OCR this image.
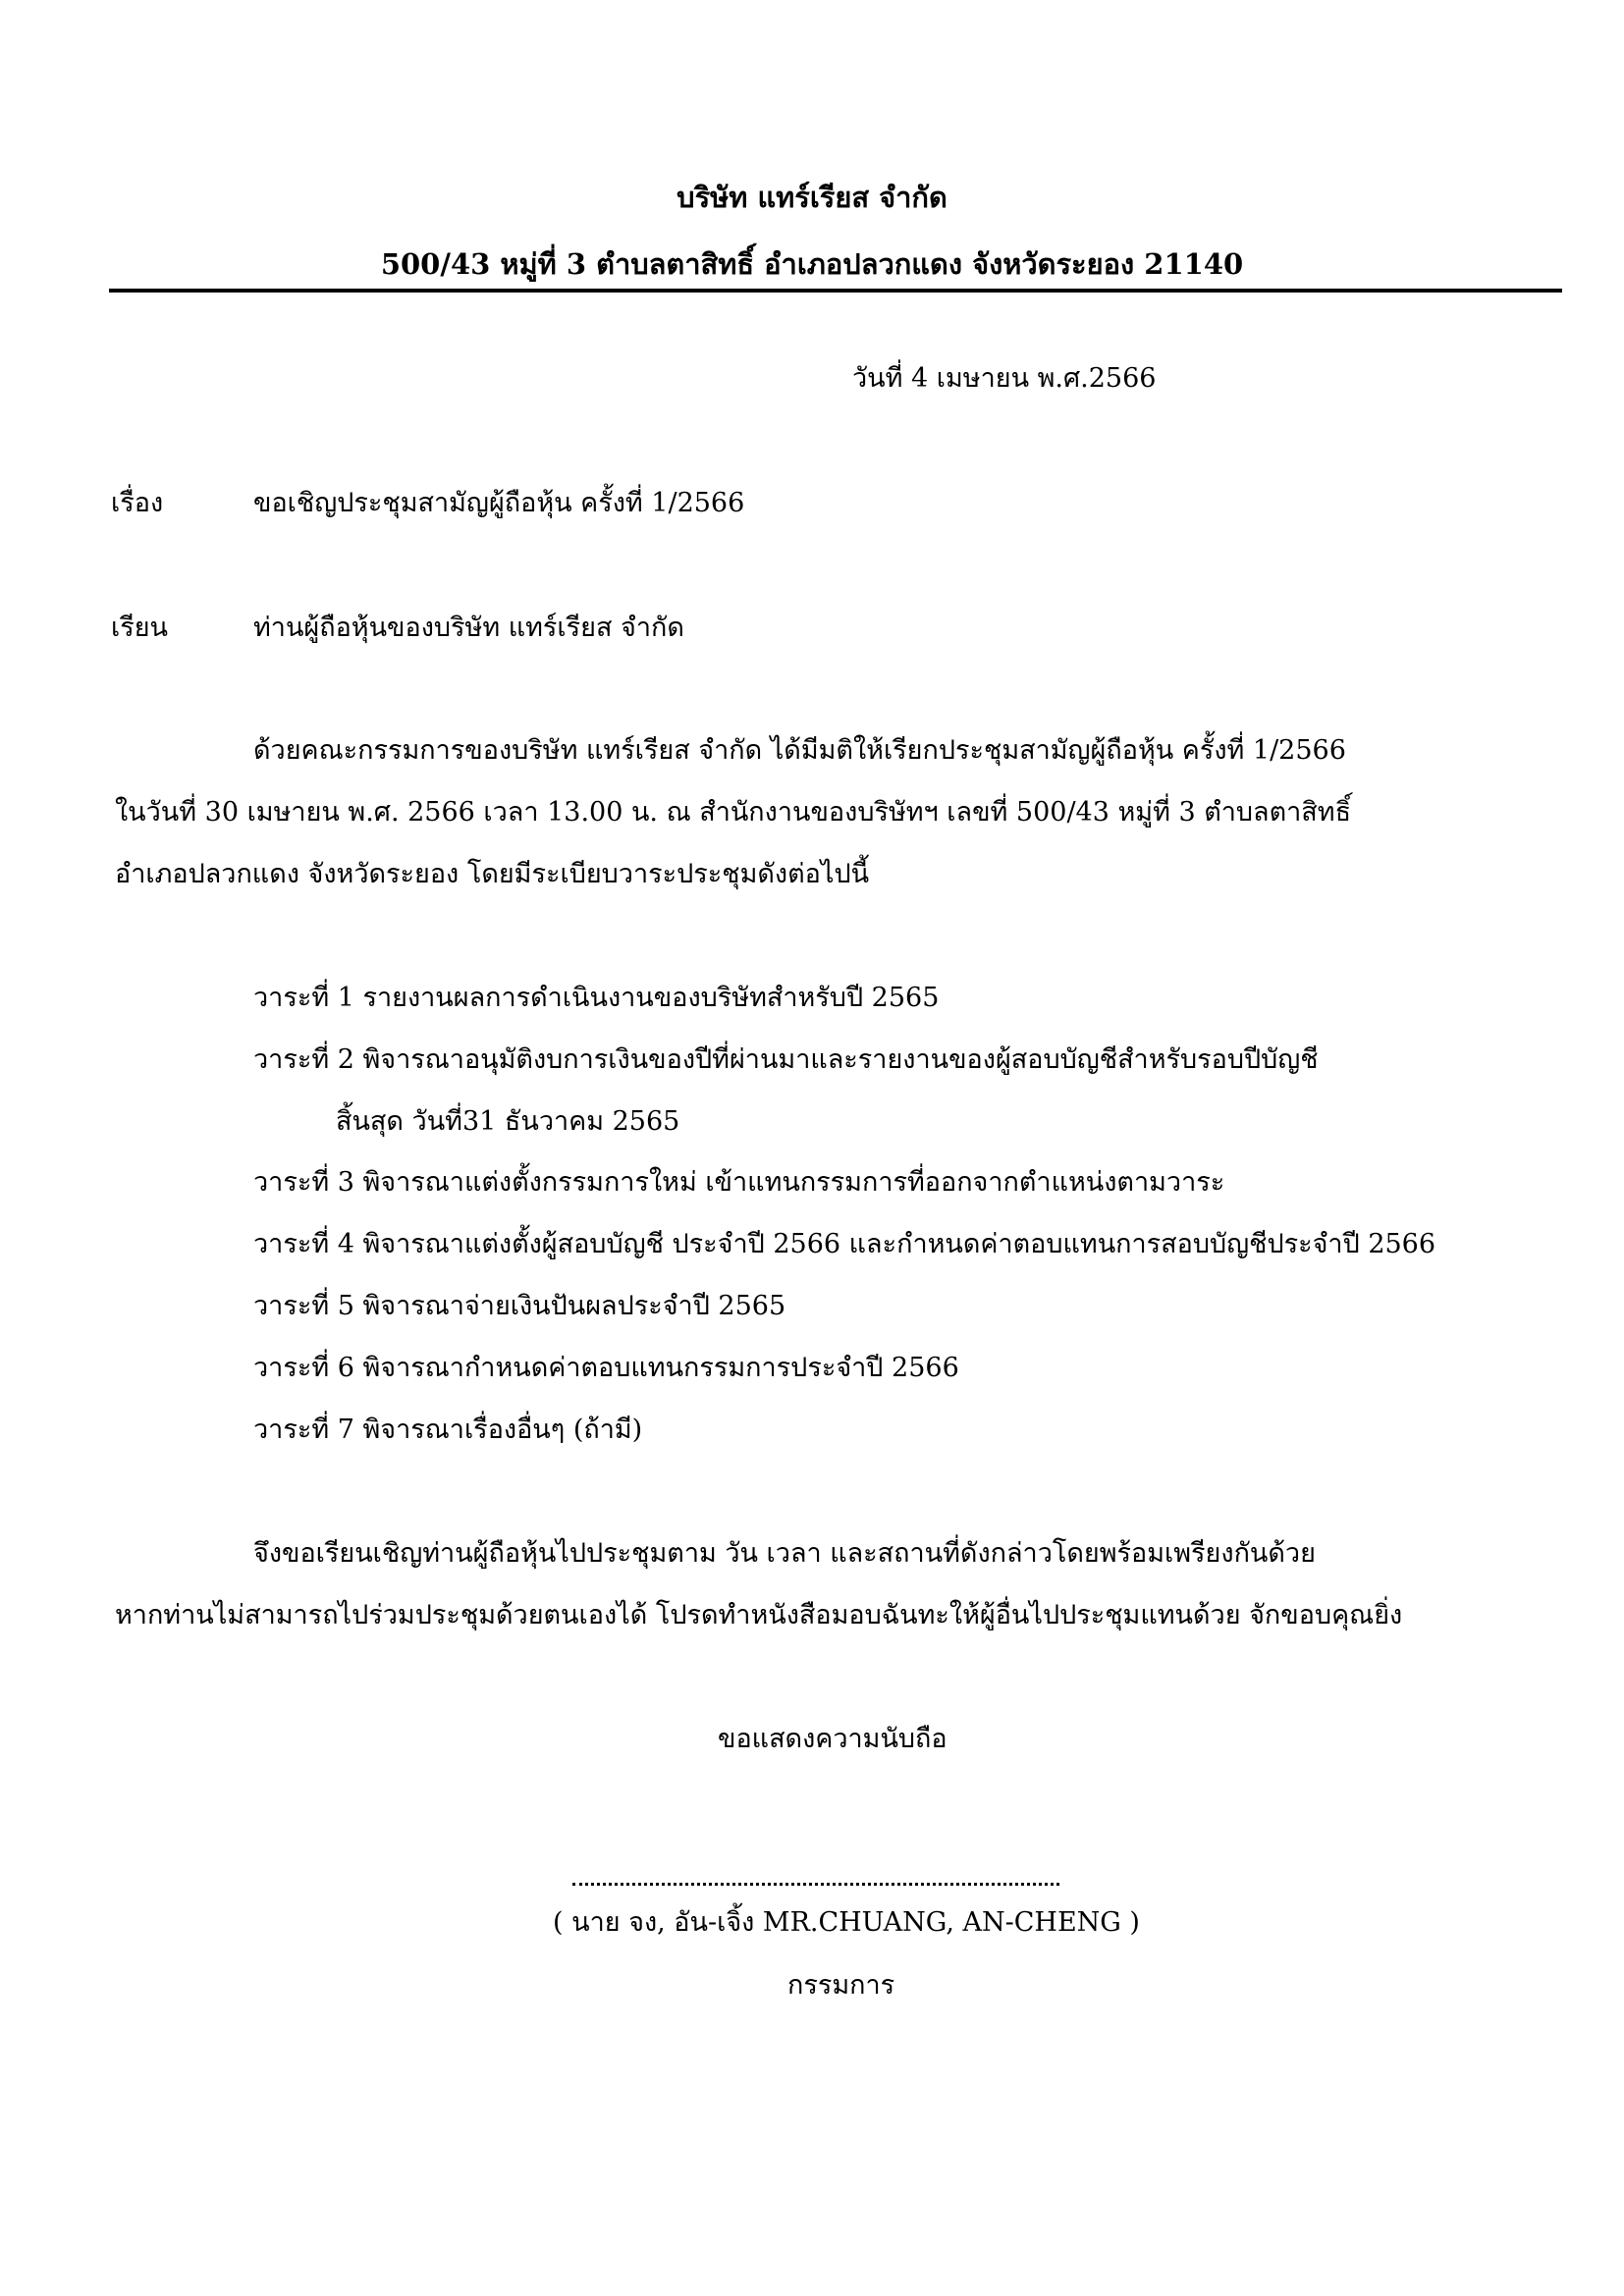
บริษัท แทร์เรียส จำกัด
500/43 หมู่ที่ 3 ตำบลตาสิทธิ์ อำเภอปลวกแดง จังหวัดระยอง 21140
วันที่ 4 เมษายน พ.ศ.2566
เรื่อง	ขอเชิญประชุมสามัญผู้ถือหุ้น ครั้งที่ 1/2566
เรียน	ท่านผู้ถือหุ้นของบริษัท แทร์เรียส จำกัด
ด้วยคณะกรรมการของบริษัท แทร์เรียส จำกัด ได้มีมติให้เรียกประชุมสามัญผู้ถือหุ้น ครั้งที่ 1/2566
ในวันที่ 30 เมษายน พ.ศ. 2566 เวลา 13.00 น. ณ สำนักงานของบริษัทฯ เลขที่ 500/43 หมู่ที่ 3 ตำบลตาสิทธิ์
อำเภอปลวกแดง จังหวัดระยอง โดยมีระเบียบวาระประชุมดังต่อไปนี้
วาระที่ 1 รายงานผลการดำเนินงานของบริษัทสำหรับปี 2565
วาระที่ 2 พิจารณาอนุมัติงบการเงินของปีที่ผ่านมาและรายงานของผู้สอบบัญชีสำหรับรอบปีบัญชี
สิ้นสุด วันที่31 ธันวาคม 2565
วาระที่ 3 พิจารณาแต่งตั้งกรรมการใหม่ เข้าแทนกรรมการที่ออกจากตำแหน่งตามวาระ
วาระที่ 4 พิจารณาแต่งตั้งผู้สอบบัญชี ประจำปี 2566 และกำหนดค่าตอบแทนการสอบบัญชีประจำปี 2566
วาระที่ 5 พิจารณาจ่ายเงินปันผลประจำปี 2565
วาระที่ 6 พิจารณากำหนดค่าตอบแทนกรรมการประจำปี 2566
วาระที่ 7 พิจารณาเรื่องอื่นๆ (ถ้ามี)
จึงขอเรียนเชิญท่านผู้ถือหุ้นไปประชุมตาม วัน เวลา และสถานที่ดังกล่าวโดยพร้อมเพรียงกันด้วย
หากท่านไม่สามารถไปร่วมประชุมด้วยตนเองได้ โปรดทำหนังสือมอบฉันทะให้ผู้อื่นไปประชุมแทนด้วย จักขอบคุณยิ่ง
ขอแสดงความนับถือ
( นาย จง, อัน-เจิ้ง MR.CHUANG, AN-CHENG )
กรรมการ
